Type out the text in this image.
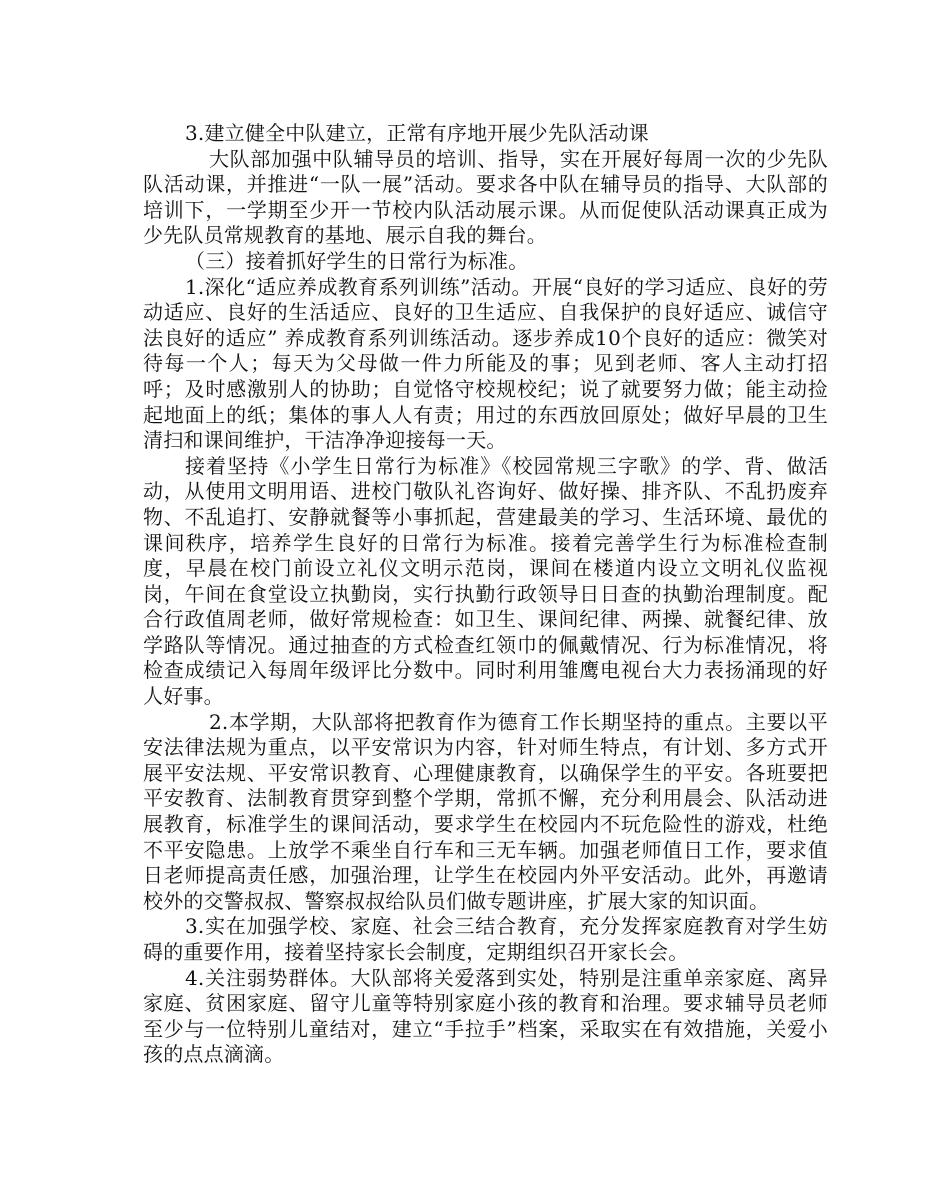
3.建立健全中队建立，正常有序地开展少先队活动课

大队部加强中队辅导员的培训、指导，实在开展好每周一次的少先队队活动课，并推进“一队一展”活动。要求各中队在辅导员的指导、大队部的培训下，一学期至少开一节校内队活动展示课。从而促使队活动课真正成为少先队员常规教育的基地、展示自我的舞台。

（三）接着抓好学生的日常行为标准。

1.深化“适应养成教育系列训练”活动。开展“良好的学习适应、良好的劳动适应、良好的生活适应、良好的卫生适应、自我保护的良好适应、诚信守法良好的适应” 养成教育系列训练活动。逐步养成10个良好的适应：微笑对待每一个人；每天为父母做一件力所能及的事；见到老师、客人主动打招呼；及时感激别人的协助；自觉恪守校规校纪；说了就要努力做；能主动捡起地面上的纸；集体的事人人有责；用过的东西放回原处；做好早晨的卫生清扫和课间维护，干洁净净迎接每一天。

接着坚持《小学生日常行为标准》《校园常规三字歌》的学、背、做活动，从使用文明用语、进校门敬队礼咨询好、做好操、排齐队、不乱扔废弃物、不乱追打、安静就餐等小事抓起，营建最美的学习、生活环境、最优的课间秩序，培养学生良好的日常行为标准。接着完善学生行为标准检查制度，早晨在校门前设立礼仪文明示范岗，课间在楼道内设立文明礼仪监视岗，午间在食堂设立执勤岗，实行执勤行政领导日日查的执勤治理制度。配合行政值周老师，做好常规检查：如卫生、课间纪律、两操、就餐纪律、放学路队等情况。通过抽查的方式检查红领巾的佩戴情况、行为标准情况，将检查成绩记入每周年级评比分数中。同时利用雏鹰电视台大力表扬涌现的好人好事。

2.本学期，大队部将把教育作为德育工作长期坚持的重点。主要以平安法律法规为重点，以平安常识为内容，针对师生特点，有计划、多方式开展平安法规、平安常识教育、心理健康教育，以确保学生的平安。各班要把平安教育、法制教育贯穿到整个学期，常抓不懈，充分利用晨会、队活动进展教育，标准学生的课间活动，要求学生在校园内不玩危险性的游戏，杜绝不平安隐患。上放学不乘坐自行车和三无车辆。加强老师值日工作，要求值日老师提高责任感，加强治理，让学生在校园内外平安活动。此外，再邀请校外的交警叔叔、警察叔叔给队员们做专题讲座，扩展大家的知识面。

3.实在加强学校、家庭、社会三结合教育，充分发挥家庭教育对学生妨碍的重要作用，接着坚持家长会制度，定期组织召开家长会。

4.关注弱势群体。大队部将关爱落到实处，特别是注重单亲家庭、离异家庭、贫困家庭、留守儿童等特别家庭小孩的教育和治理。要求辅导员老师至少与一位特别儿童结对，建立“手拉手”档案，采取实在有效措施，关爱小孩的点点滴滴。
